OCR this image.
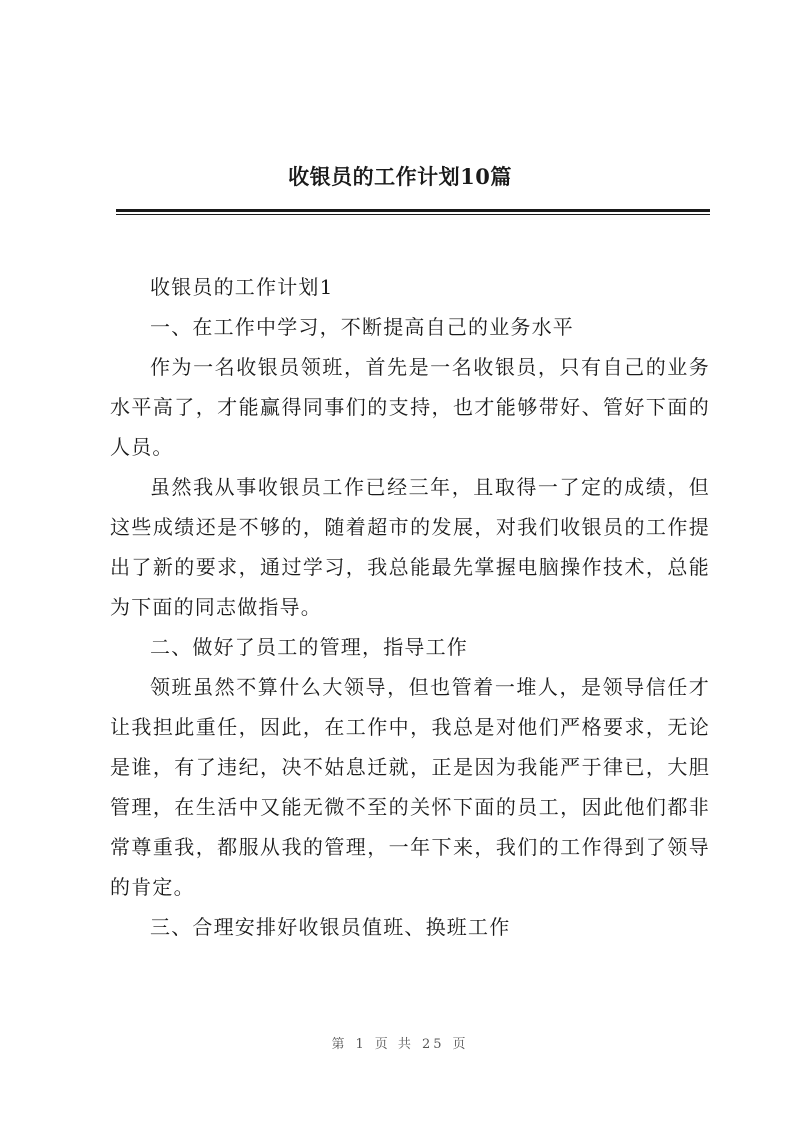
收银员的工作计划10篇

收银员的工作计划1

一、在工作中学习，不断提高自己的业务水平

作为一名收银员领班，首先是一名收银员，只有自己的业务水平高了，才能赢得同事们的支持，也才能够带好、管好下面的人员。

虽然我从事收银员工作已经三年，且取得一了定的成绩，但这些成绩还是不够的，随着超市的发展，对我们收银员的工作提出了新的要求，通过学习，我总能最先掌握电脑操作技术，总能为下面的同志做指导。

二、做好了员工的管理，指导工作

领班虽然不算什么大领导，但也管着一堆人，是领导信任才让我担此重任，因此，在工作中，我总是对他们严格要求，无论是谁，有了违纪，决不姑息迁就，正是因为我能严于律已，大胆管理，在生活中又能无微不至的关怀下面的员工，因此他们都非常尊重我，都服从我的管理，一年下来，我们的工作得到了领导的肯定。

三、合理安排好收银员值班、换班工作

第 1 页 共 25 页
